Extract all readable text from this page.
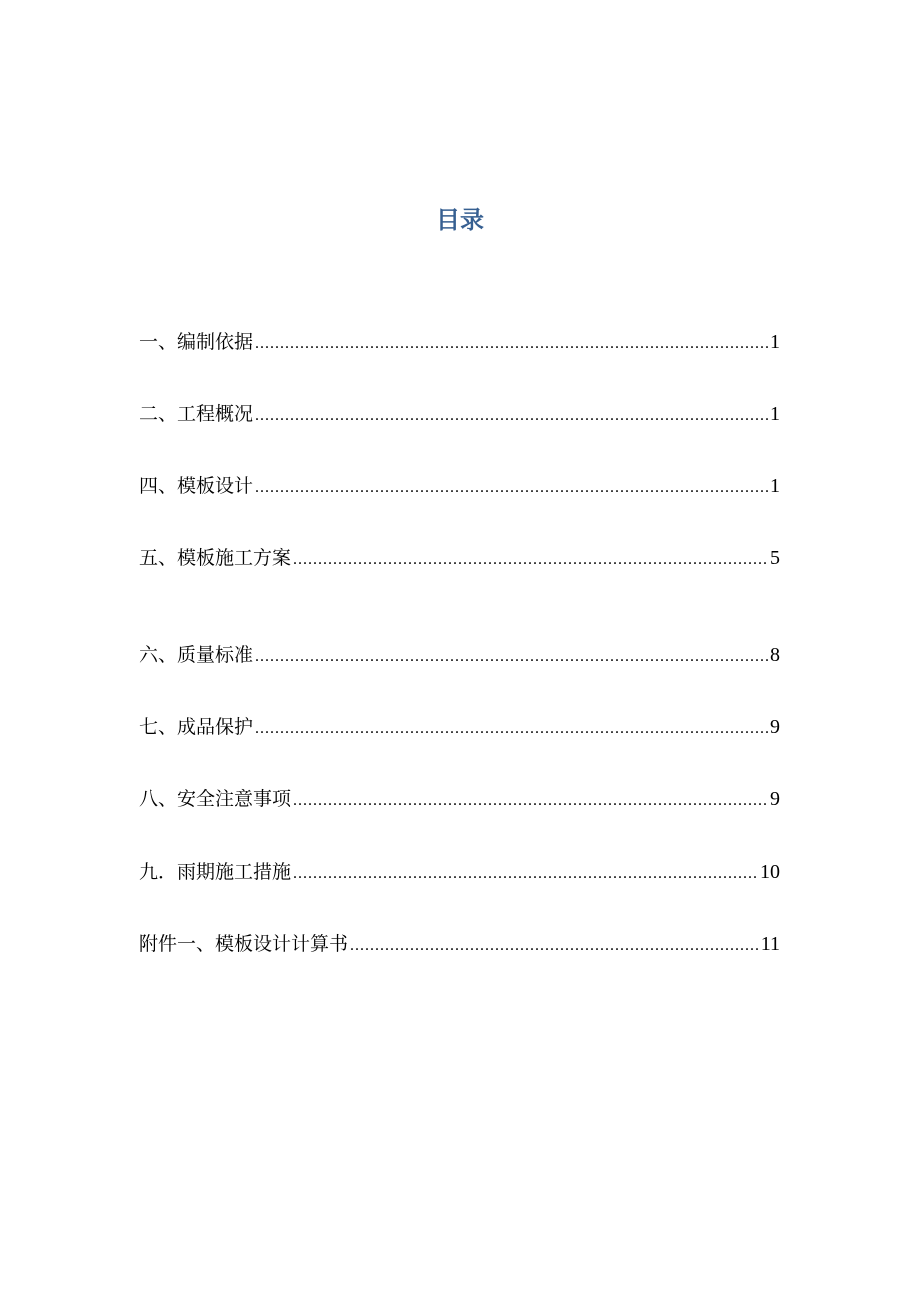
目录
一、编制依据 .....	1
二、工程概况 .....	1
四、模板设计 .....	1
五、模板施工方案 .....	5
六、质量标准 .....	8
七、成品保护 .....	9
八、安全注意事项 .....	9
九．雨期施工措施 .....	10
附件一、模板设计计算书 .....	11
